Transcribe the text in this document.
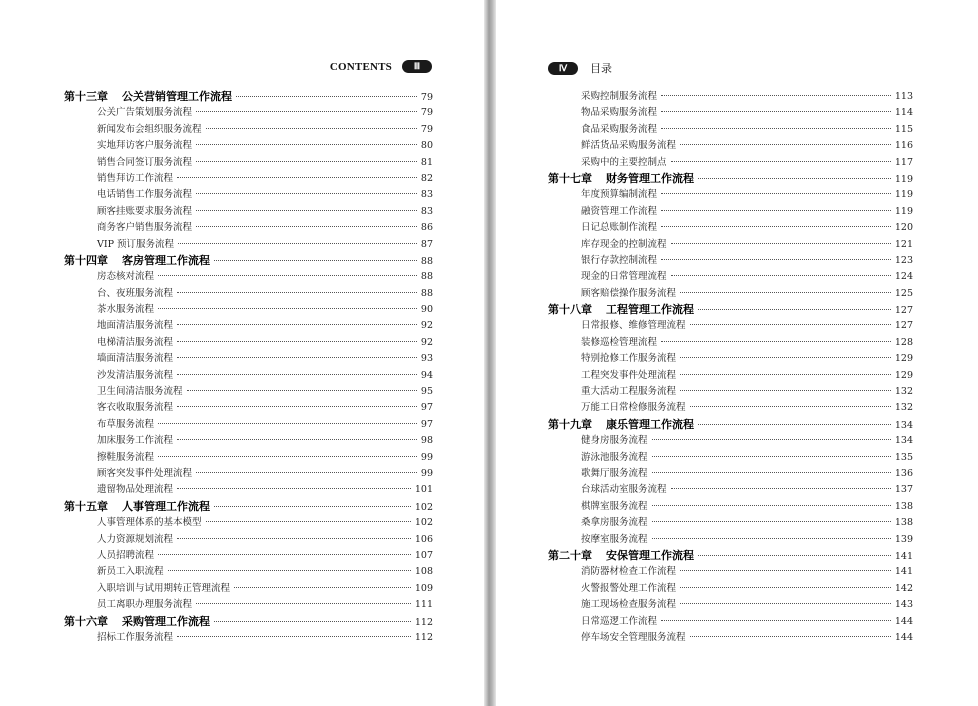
CONTENTS	Ⅲ
第十三章 公关营销管理工作流程	79
公关广告策划服务流程	79
新闻发布会组织服务流程	79
实地拜访客户服务流程	80
销售合同签订服务流程	81
销售拜访工作流程	82
电话销售工作服务流程	83
顾客挂账要求服务流程	83
商务客户销售服务流程	86
VIP 预订服务流程	87
第十四章 客房管理工作流程	88
房态核对流程	88
台、夜班服务流程	88
茶水服务流程	90
地面清洁服务流程	92
电梯清洁服务流程	92
墙面清洁服务流程	93
沙发清洁服务流程	94
卫生间清洁服务流程	95
客衣收取服务流程	97
布草服务流程	97
加床服务工作流程	98
擦鞋服务流程	99
顾客突发事件处理流程	99
遗留物品处理流程	101
第十五章 人事管理工作流程	102
人事管理体系的基本模型	102
人力资源规划流程	106
人员招聘流程	107
新员工入职流程	108
入职培训与试用期转正管理流程	109
员工离职办理服务流程	111
第十六章 采购管理工作流程	112
招标工作服务流程	112
Ⅳ	目录
采购控制服务流程	113
物品采购服务流程	114
食品采购服务流程	115
鲜活货品采购服务流程	116
采购中的主要控制点	117
第十七章 财务管理工作流程	119
年度预算编制流程	119
融资管理工作流程	119
日记总账制作流程	120
库存现金的控制流程	121
银行存款控制流程	123
现金的日常管理流程	124
顾客赔偿操作服务流程	125
第十八章 工程管理工作流程	127
日常报修、维修管理流程	127
装修巡检管理流程	128
特别抢修工作服务流程	129
工程突发事件处理流程	129
重大活动工程服务流程	132
万能工日常检修服务流程	132
第十九章 康乐管理工作流程	134
健身房服务流程	134
游泳池服务流程	135
歌舞厅服务流程	136
台球活动室服务流程	137
棋牌室服务流程	138
桑拿房服务流程	138
按摩室服务流程	139
第二十章 安保管理工作流程	141
消防器材检查工作流程	141
火警报警处理工作流程	142
施工现场检查服务流程	143
日常巡逻工作流程	144
停车场安全管理服务流程	144
